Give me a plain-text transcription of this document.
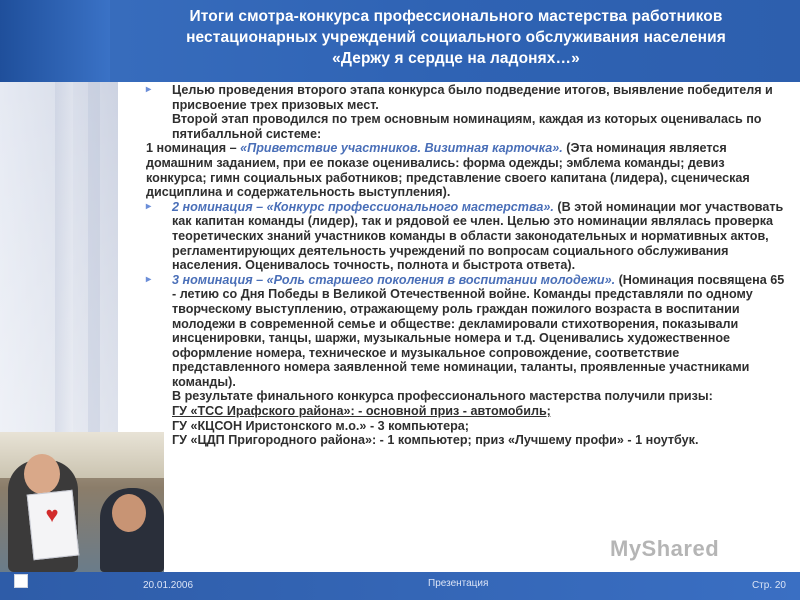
Итоги смотра-конкурса профессионального мастерства работников
нестационарных учреждений социального обслуживания населения
«Держу я сердце на ладонях…»
♥
▸	Целью проведения второго этапа конкурса было подведение итогов, выявление победителя и присвоение трех призовых мест.
Второй этап проводился по трем основным номинациям, каждая из которых оценивалась по пятибалльной системе:
1 номинация – «Приветствие участников. Визитная карточка». (Эта номинация является домашним заданием, при ее показе оценивались: форма одежды; эмблема команды; девиз конкурса; гимн социальных работников; представление своего капитана (лидера), сценическая дисциплина и содержательность выступления).
▸	2 номинация – «Конкурс профессионального мастерства». (В этой номинации мог участвовать как капитан команды (лидер), так и рядовой ее член. Целью это номинации являлась проверка теоретических знаний участников команды в области законодательных и нормативных актов, регламентирующих деятельность учреждений по вопросам социального обслуживания населения. Оценивалось точность, полнота и быстрота ответа).
▸	3 номинация – «Роль старшего поколения в воспитании молодежи». (Номинация посвящена 65 - летию со Дня Победы в Великой Отечественной войне. Команды представляли по одному творческому выступлению, отражающему роль граждан пожилого возраста в воспитании молодежи в современной семье и обществе: декламировали стихотворения, показывали инсценировки, танцы, шаржи, музыкальные номера и т.д. Оценивались художественное оформление номера, техническое и музыкальное сопровождение, соответствие представленного номера заявленной теме номинации, таланты, проявленные участниками команды).
В результате финального конкурса профессионального мастерства получили призы:
ГУ «ТСС Ирафского района»: - основной приз - автомобиль;
ГУ «КЦСОН Иристонского м.о.» - 3 компьютера;
ГУ «ЦДП Пригородного района»: - 1 компьютер; приз «Лучшему профи» - 1 ноутбук.
MyShared
20.01.2006	Презентация	Стр. 20
